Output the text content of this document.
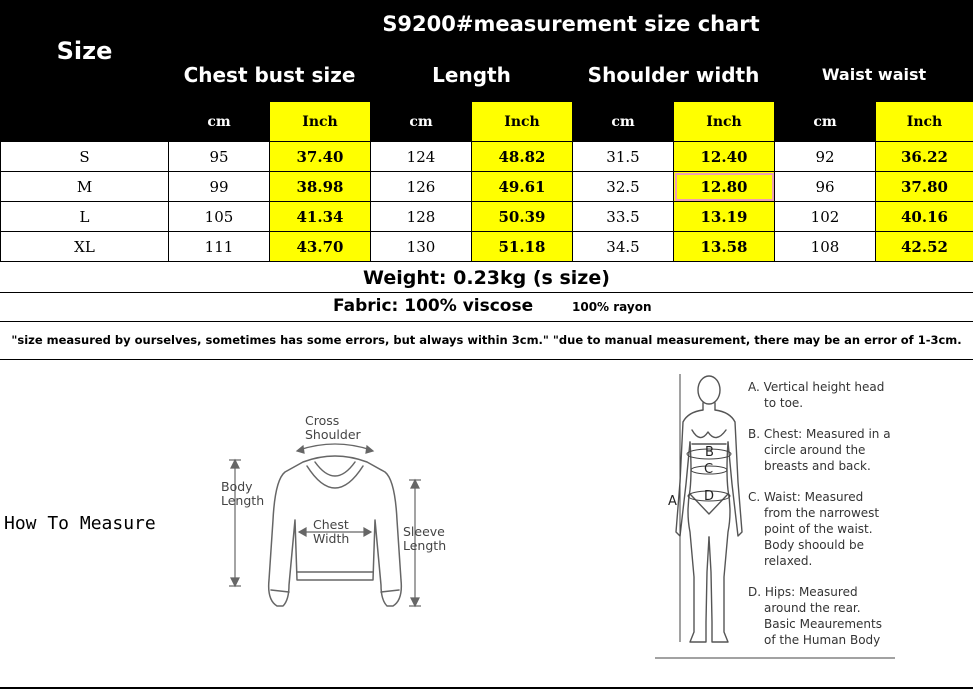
Size	S9200#measurement size chart							
	Chest bust size		Length		Shoulder width		Waist waist	
	cm	Inch	cm	Inch	cm	Inch	cm	Inch
S	95	37.40	124	48.82	31.5	12.40	92	36.22
M	99	38.98	126	49.61	32.5	12.80	96	37.80
L	105	41.34	128	50.39	33.5	13.19	102	40.16
XL	111	43.70	130	51.18	34.5	13.58	108	42.52
Weight: 0.23kg (s size)
Fabric: 100% viscose	100% rayon
"size measured by ourselves, sometimes has some errors, but always within 3cm." "due to manual measurement, there may be an error of 1-3cm.
How To Measure
Cross
Shoulder
Body
Length
Chest
Width	Sleeve
Length
A
B
C
D

A. Vertical height head

to toe.

B. Chest: Measured in a

circle around the
breasts and back.

C. Waist: Measured

from the narrowest
point of the waist.
Body shoould be
relaxed.

D. Hips: Measured

around the rear.
Basic Meaurements
of the Human Body
